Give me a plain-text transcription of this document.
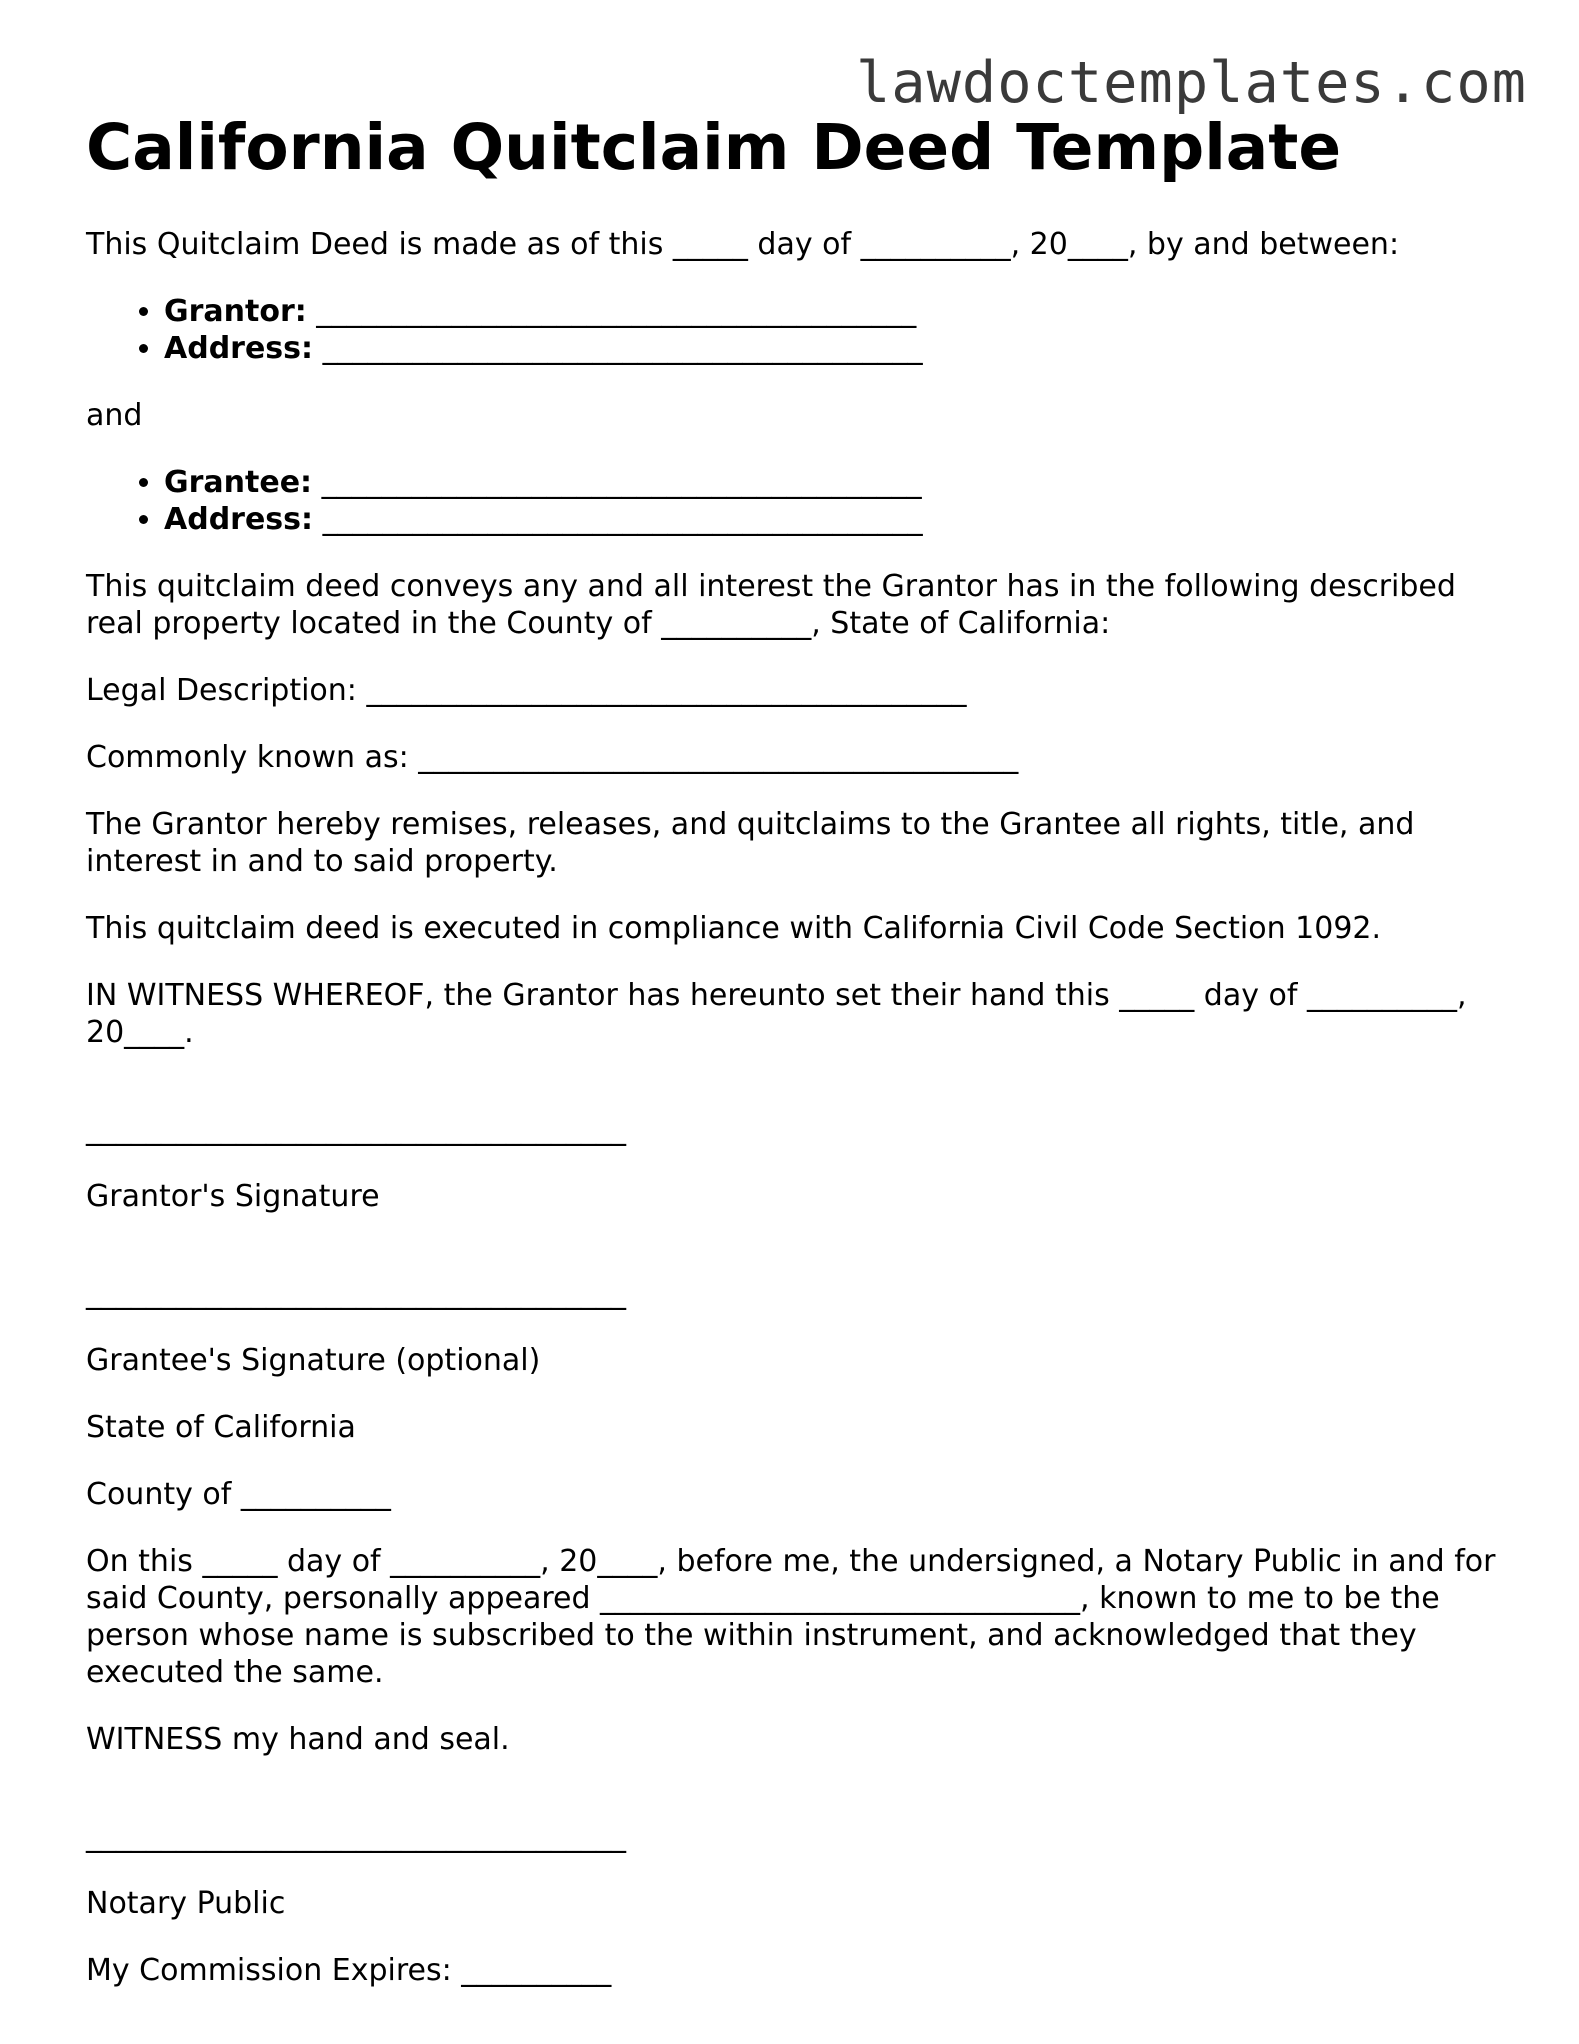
lawdoctemplates.com
California Quitclaim Deed Template

This Quitclaim Deed is made as of this _____ day of __________, 20____, by and between:

• Grantor: ________________________________________
• Address: ________________________________________

and

• Grantee: ________________________________________
• Address: ________________________________________

This quitclaim deed conveys any and all interest the Grantor has in the following described real property located in the County of __________, State of California:

Legal Description: ________________________________________

Commonly known as: ________________________________________

The Grantor hereby remises, releases, and quitclaims to the Grantee all rights, title, and interest in and to said property.

This quitclaim deed is executed in compliance with California Civil Code Section 1092.

IN WITNESS WHEREOF, the Grantor has hereunto set their hand this _____ day of __________, 20____.

____________________________________

Grantor's Signature

____________________________________

Grantee's Signature (optional)

State of California

County of __________

On this _____ day of __________, 20____, before me, the undersigned, a Notary Public in and for said County, personally appeared ________________________________, known to me to be the person whose name is subscribed to the within instrument, and acknowledged that they executed the same.

WITNESS my hand and seal.

____________________________________

Notary Public

My Commission Expires: __________
